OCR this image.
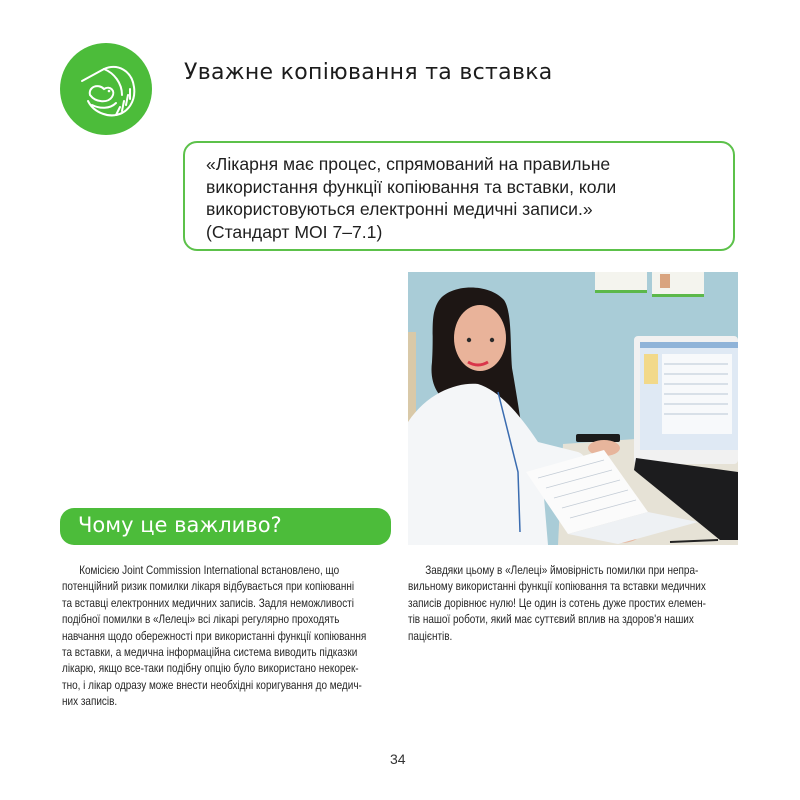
Уважне копіювання та вставка
«Лікарня має процес, спрямований на правильне
використання функції копіювання та вставки, коли
використовуються електронні медичні записи.»
(Стандарт МОІ 7–7.1)
Чому це важливо?
Комісією Joint Commission International встановлено, що
потенційний ризик помилки лікаря відбувається при копіюванні
та вставці електронних медичних записів. Задля неможливості
подібної помилки в «Лелеці» всі лікарі регулярно проходять
навчання щодо обережності при використанні функції копіювання
та вставки, а медична інформаційна система виводить підказки
лікарю, якщо все-таки подібну опцію було використано некорек-
тно, і лікар одразу може внести необхідні коригування до медич-
них записів.
Завдяки цьому в «Лелеці» ймовірність помилки при непра-
вильному використанні функції копіювання та вставки медичних
записів дорівнює нулю! Це один із сотень дуже простих елемен-
тів нашої роботи, який має суттєвий вплив на здоров'я наших
пацієнтів.
34
